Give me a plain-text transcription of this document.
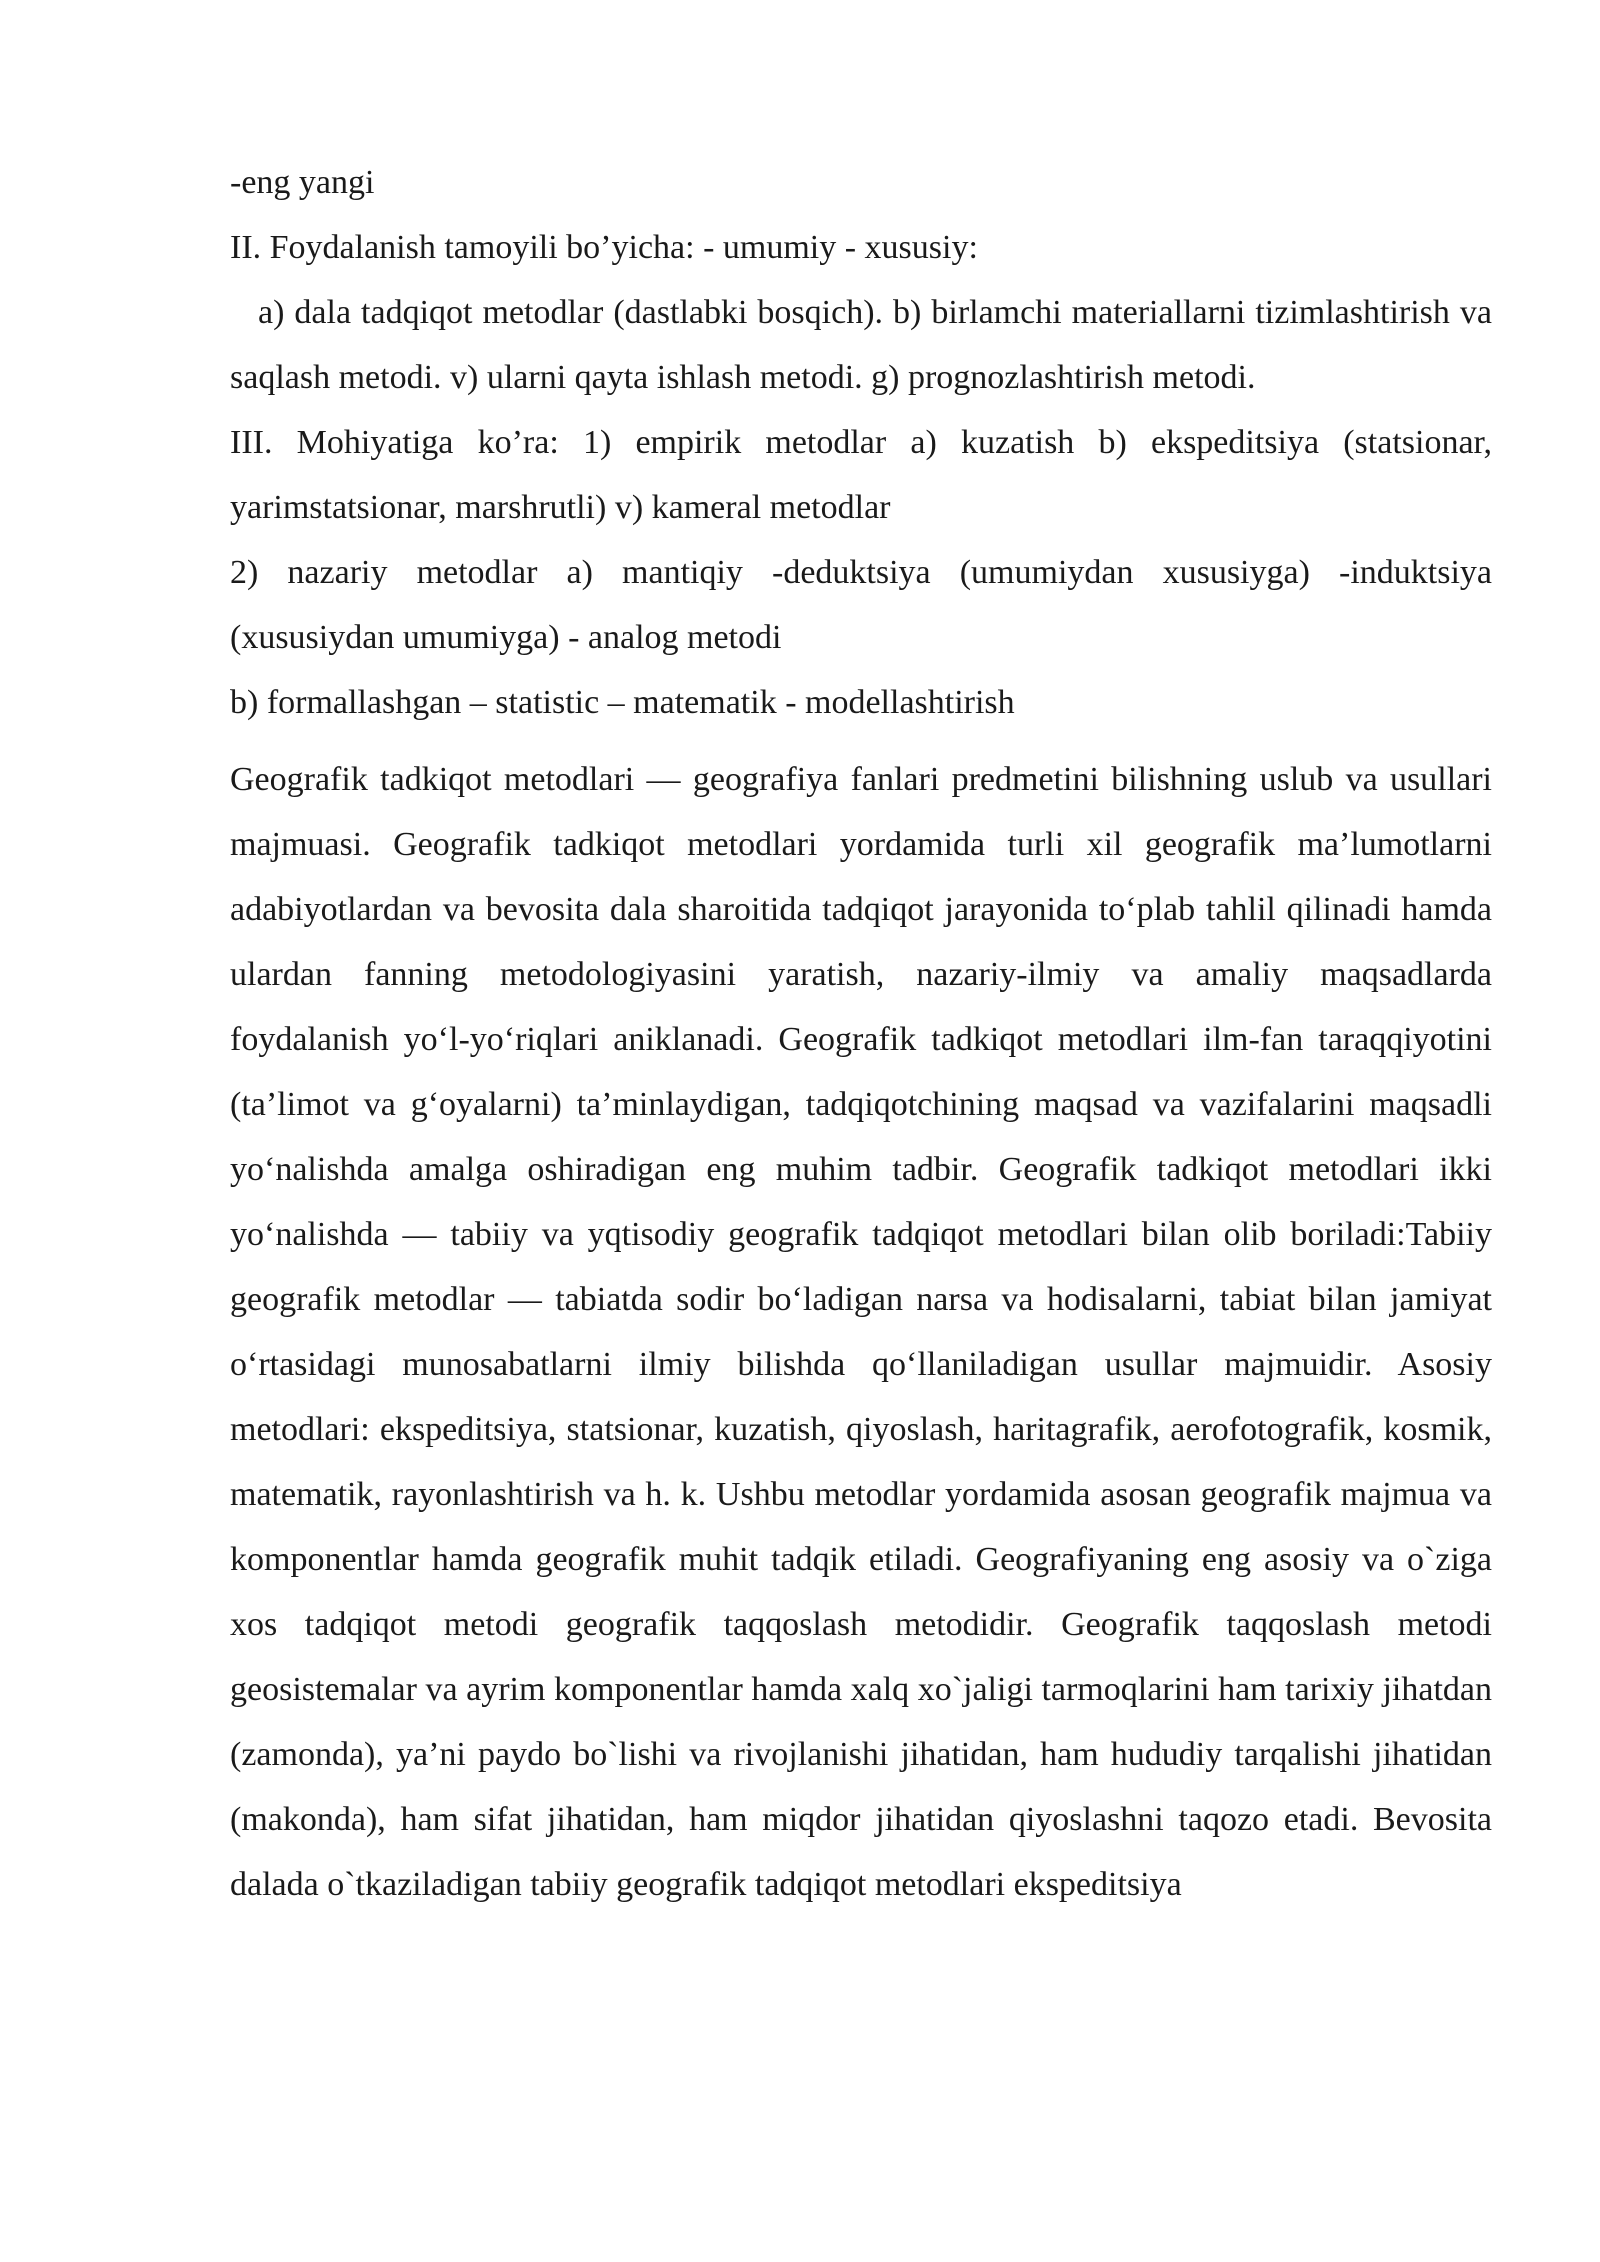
-eng yangi

II. Foydalanish tamoyili bo’yicha: - umumiy - xususiy:

a) dala tadqiqot metodlar (dastlabki bosqich). b) birlamchi materiallarni tizimlashtirish va saqlash metodi. v) ularni qayta ishlash metodi. g) prognozlashtirish metodi.

III. Mohiyatiga ko’ra: 1) empirik metodlar a) kuzatish b) ekspeditsiya (statsionar, yarimstatsionar, marshrutli) v) kameral metodlar

2) nazariy metodlar a) mantiqiy -deduktsiya (umumiydan xususiyga) -induktsiya (xususiydan umumiyga) - analog metodi

b) formallashgan – statistic – matematik - modellashtirish

Geografik tadkiqot metodlari — geografiya fanlari predmetini bilishning uslub va usullari majmuasi. Geografik tadkiqot metodlari yordamida turli xil geografik ma’lumotlarni adabiyotlardan va bevosita dala sharoitida tadqiqot jarayonida toʻplab tahlil qilinadi hamda ulardan fanning metodologiyasini yaratish, nazariy-ilmiy va amaliy maqsadlarda foydalanish yoʻl-yoʻriqlari aniklanadi. Geografik tadkiqot metodlari ilm-fan taraqqiyotini (ta’limot va gʻoyalarni) ta’minlaydigan, tadqiqotchining maqsad va vazifalarini maqsadli yoʻnalishda amalga oshiradigan eng muhim tadbir. Geografik tadkiqot metodlari ikki yoʻnalishda — tabiiy va yqtisodiy geografik tadqiqot metodlari bilan olib boriladi:Tabiiy geografik metodlar — tabiatda sodir boʻladigan narsa va hodisalarni, tabiat bilan jamiyat oʻrtasidagi munosabatlarni ilmiy bilishda qoʻllaniladigan usullar majmuidir. Asosiy metodlari: ekspeditsiya, statsionar, kuzatish, qiyoslash, haritagrafik, aerofotografik, kosmik, matematik, rayonlashtirish va h. k. Ushbu metodlar yordamida asosan geografik majmua va komponentlar hamda geografik muhit tadqik etiladi. Geografiyaning eng asosiy va o`ziga xos tadqiqot metodi geografik taqqoslash metodidir. Geografik taqqoslash metodi geosistemalar va ayrim komponentlar hamda xalq xo`jaligi tarmoqlarini ham tarixiy jihatdan (zamonda), ya’ni paydo bo`lishi va rivojlanishi jihatidan, ham hududiy tarqalishi jihatidan (makonda), ham sifat jihatidan, ham miqdor jihatidan qiyoslashni taqozo etadi. Bevosita dalada o`tkaziladigan tabiiy geografik tadqiqot metodlari ekspeditsiya
